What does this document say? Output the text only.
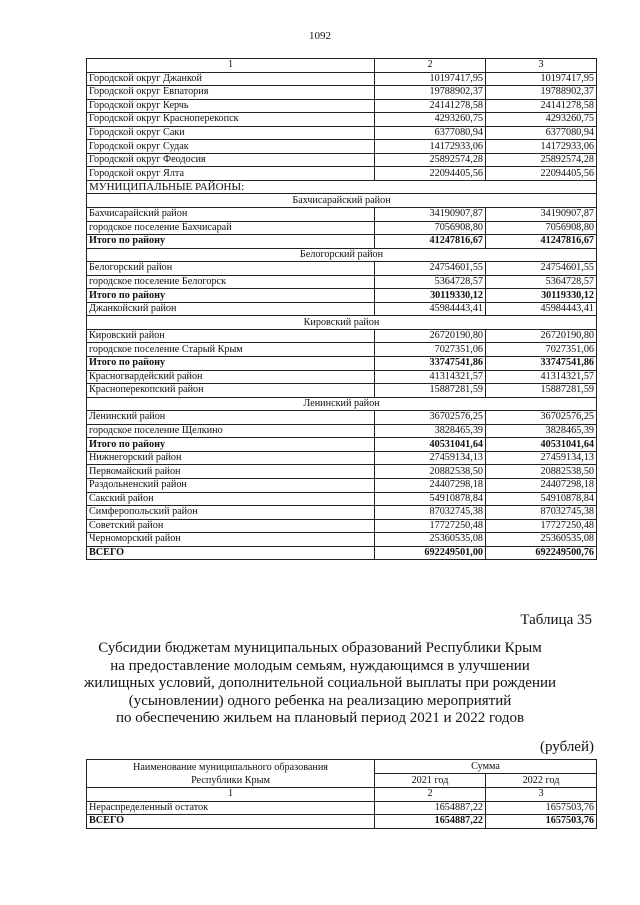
1092
1	2	3
Городской округ Джанкой	10197417,95	10197417,95
Городской округ Евпатория	19788902,37	19788902,37
Городской округ Керчь	24141278,58	24141278,58
Городской округ Красноперекопск	4293260,75	4293260,75
Городской округ Саки	6377080,94	6377080,94
Городской округ Судак	14172933,06	14172933,06
Городской округ Феодосия	25892574,28	25892574,28
Городской округ Ялта	22094405,56	22094405,56
МУНИЦИПАЛЬНЫЕ РАЙОНЫ:		
Бахчисарайский район		
Бахчисарайский район	34190907,87	34190907,87
городское поселение Бахчисарай	7056908,80	7056908,80
Итого по району	41247816,67	41247816,67
Белогорский район		
Белогорский район	24754601,55	24754601,55
городское поселение Белогорск	5364728,57	5364728,57
Итого по району	30119330,12	30119330,12
Джанкойский район	45984443,41	45984443,41
Кировский район		
Кировский район	26720190,80	26720190,80
городское поселение Старый Крым	7027351,06	7027351,06
Итого по району	33747541,86	33747541,86
Красногвардейский район	41314321,57	41314321,57
Красноперекопский район	15887281,59	15887281,59
Ленинский район		
Ленинский район	36702576,25	36702576,25
городское поселение Щелкино	3828465,39	3828465,39
Итого по району	40531041,64	40531041,64
Нижнегорский район	27459134,13	27459134,13
Первомайский район	20882538,50	20882538,50
Раздольненский район	24407298,18	24407298,18
Сакский район	54910878,84	54910878,84
Симферопольский район	87032745,38	87032745,38
Советский район	17727250,48	17727250,48
Черноморский район	25360535,08	25360535,08
ВСЕГО	692249501,00	692249500,76
Таблица 35
Субсидии бюджетам муниципальных образований Республики Крым
на предоставление молодым семьям, нуждающимся в улучшении
жилищных условий, дополнительной социальной выплаты при рождении
(усыновлении) одного ребенка на реализацию мероприятий
по обеспечению жильем на плановый период 2021 и 2022 годов
(рублей)
Наименование муниципального образования
Республики Крым	Сумма	
	2021 год	2022 год
1	2	3
Нераспределенный остаток	1654887,22	1657503,76
ВСЕГО	1654887,22	1657503,76
